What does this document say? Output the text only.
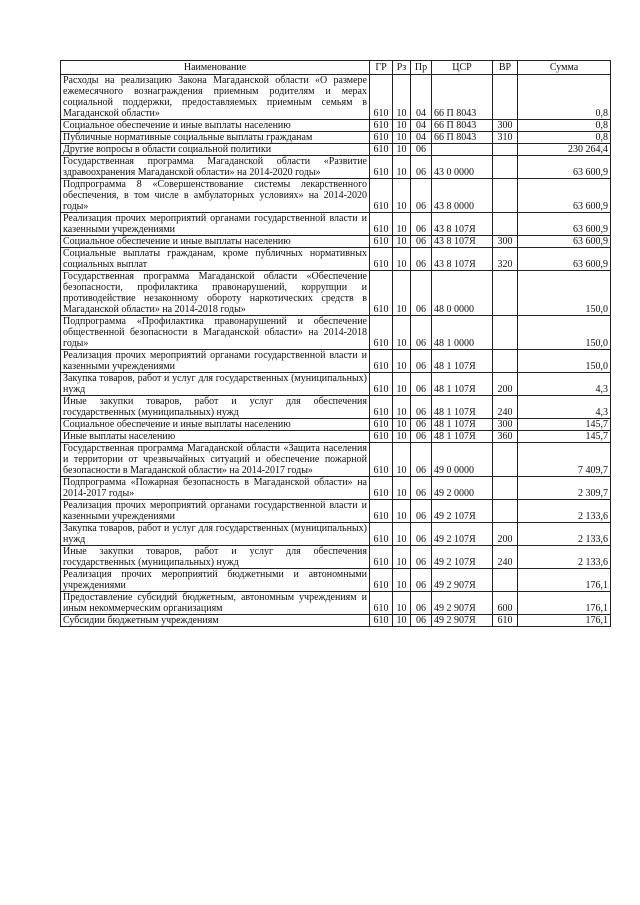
Наименование	ГР	Рз	Пр	ЦСР	ВР	Сумма
Расходы на реализацию Закона Магаданской области «О размере ежемесячного вознаграждения приемным родителям и мерах социальной поддержки, предоставляемых приемным семьям в Магаданской области»	610	10	04	66 П 8043		0,8
Социальное обеспечение и иные выплаты населению	610	10	04	66 П 8043	300	0,8
Публичные нормативные социальные выплаты гражданам	610	10	04	66 П 8043	310	0,8
Другие вопросы в области социальной политики	610	10	06			230 264,4
Государственная программа Магаданской области «Развитие здравоохранения Магаданской области» на 2014-2020 годы»	610	10	06	43 0 0000		63 600,9
Подпрограмма 8 «Совершенствование системы лекарственного обеспечения, в том числе в амбулаторных условиях» на 2014-2020 годы»	610	10	06	43 8 0000		63 600,9
Реализация прочих мероприятий органами государственной власти и казенными учреждениями	610	10	06	43 8 107Я		63 600,9
Социальное обеспечение и иные выплаты населению	610	10	06	43 8 107Я	300	63 600,9
Социальные выплаты гражданам, кроме публичных нормативных социальных выплат	610	10	06	43 8 107Я	320	63 600,9
Государственная программа Магаданской области «Обеспечение безопасности, профилактика правонарушений, коррупции и противодействие незаконному обороту наркотических средств в Магаданской области» на 2014-2018 годы»	610	10	06	48 0 0000		150,0
Подпрограмма «Профилактика правонарушений и обеспечение общественной безопасности в Магаданской области» на 2014-2018 годы»	610	10	06	48 1 0000		150,0
Реализация прочих мероприятий органами государственной власти и казенными учреждениями	610	10	06	48 1 107Я		150,0
Закупка товаров, работ и услуг для государственных (муниципальных) нужд	610	10	06	48 1 107Я	200	4,3
Иные закупки товаров, работ и услуг для обеспечения государственных (муниципальных) нужд	610	10	06	48 1 107Я	240	4,3
Социальное обеспечение и иные выплаты населению	610	10	06	48 1 107Я	300	145,7
Иные выплаты населению	610	10	06	48 1 107Я	360	145,7
Государственная программа Магаданской области «Защита населения и территории от чрезвычайных ситуаций и обеспечение пожарной безопасности в Магаданской области» на 2014-2017 годы»	610	10	06	49 0 0000		7 409,7
Подпрограмма «Пожарная безопасность в Магаданской области» на 2014-2017 годы»	610	10	06	49 2 0000		2 309,7
Реализация прочих мероприятий органами государственной власти и казенными учреждениями	610	10	06	49 2 107Я		2 133,6
Закупка товаров, работ и услуг для государственных (муниципальных) нужд	610	10	06	49 2 107Я	200	2 133,6
Иные закупки товаров, работ и услуг для обеспечения государственных (муниципальных) нужд	610	10	06	49 2 107Я	240	2 133,6
Реализация прочих мероприятий бюджетными и автономными учреждениями	610	10	06	49 2 907Я		176,1
Предоставление субсидий бюджетным, автономным учреждениям и иным некоммерческим организациям	610	10	06	49 2 907Я	600	176,1
Субсидии бюджетным учреждениям	610	10	06	49 2 907Я	610	176,1
